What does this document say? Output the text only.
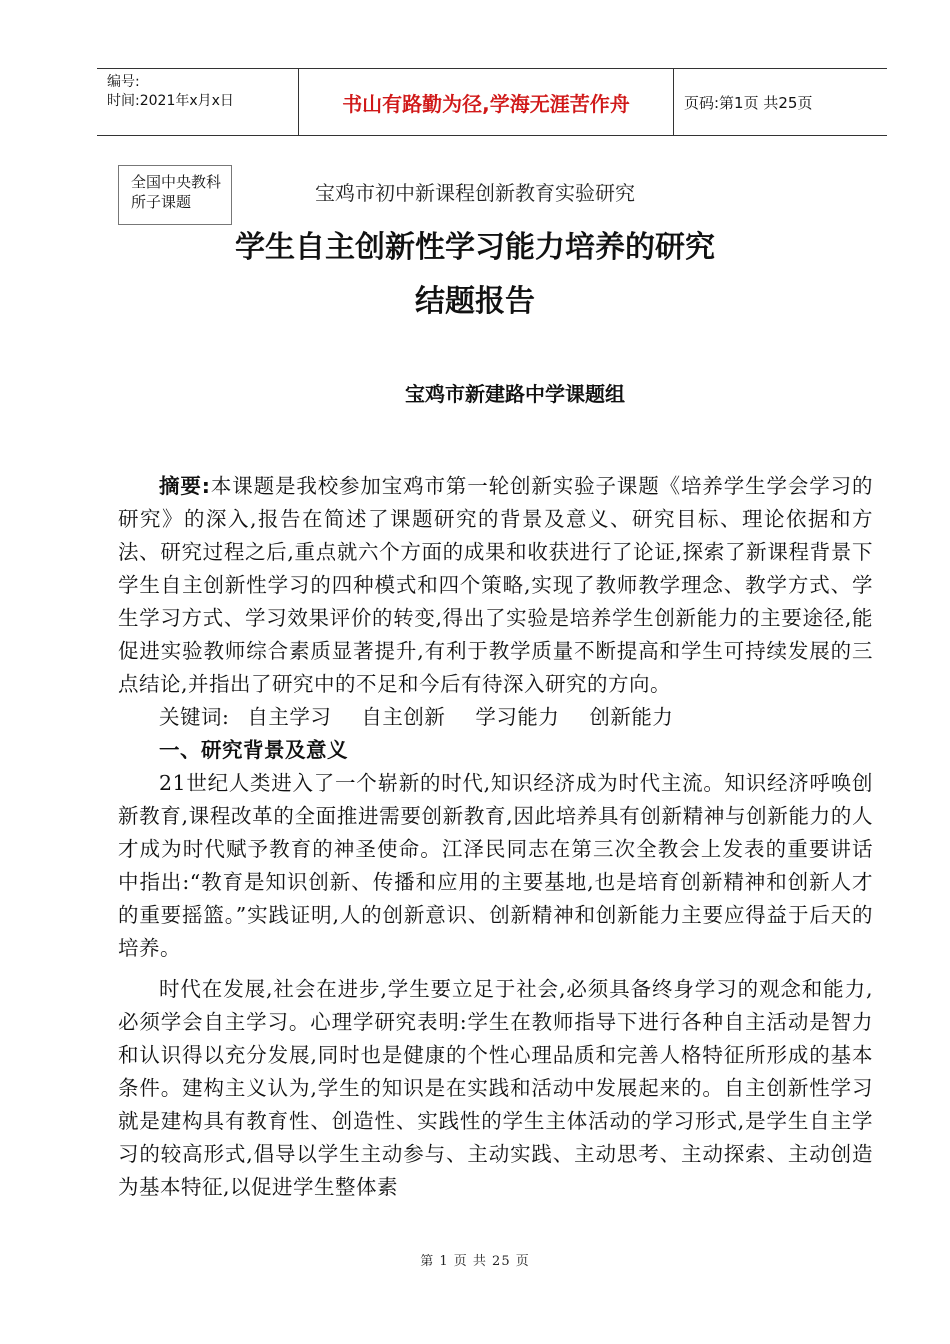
编号:
时间:2021年x月x日	书山有路勤为径,学海无涯苦作舟	页码:第1页 共25页
全国中央教科所子课题	宝鸡市初中新课程创新教育实验研究
学生自主创新性学习能力培养的研究
结题报告
宝鸡市新建路中学课题组

摘要:本课题是我校参加宝鸡市第一轮创新实验子课题《培养学生学会学习的研究》的深入,报告在简述了课题研究的背景及意义、研究目标、理论依据和方法、研究过程之后,重点就六个方面的成果和收获进行了论证,探索了新课程背景下学生自主创新性学习的四种模式和四个策略,实现了教师教学理念、教学方式、学生学习方式、学习效果评价的转变,得出了实验是培养学生创新能力的主要途径,能促进实验教师综合素质显著提升,有利于教学质量不断提高和学生可持续发展的三点结论,并指出了研究中的不足和今后有待深入研究的方向。

关键词: 自主学习 自主创新 学习能力 创新能力

一、研究背景及意义

21世纪人类进入了一个崭新的时代,知识经济成为时代主流。知识经济呼唤创新教育,课程改革的全面推进需要创新教育,因此培养具有创新精神与创新能力的人才成为时代赋予教育的神圣使命。江泽民同志在第三次全教会上发表的重要讲话中指出:“教育是知识创新、传播和应用的主要基地,也是培育创新精神和创新人才的重要摇篮。”实践证明,人的创新意识、创新精神和创新能力主要应得益于后天的培养。

时代在发展,社会在进步,学生要立足于社会,必须具备终身学习的观念和能力,必须学会自主学习。心理学研究表明:学生在教师指导下进行各种自主活动是智力和认识得以充分发展,同时也是健康的个性心理品质和完善人格特征所形成的基本条件。建构主义认为,学生的知识是在实践和活动中发展起来的。自主创新性学习就是建构具有教育性、创造性、实践性的学生主体活动的学习形式,是学生自主学习的较高形式,倡导以学生主动参与、主动实践、主动思考、主动探索、主动创造为基本特征,以促进学生整体素

第 1 页 共 25 页
